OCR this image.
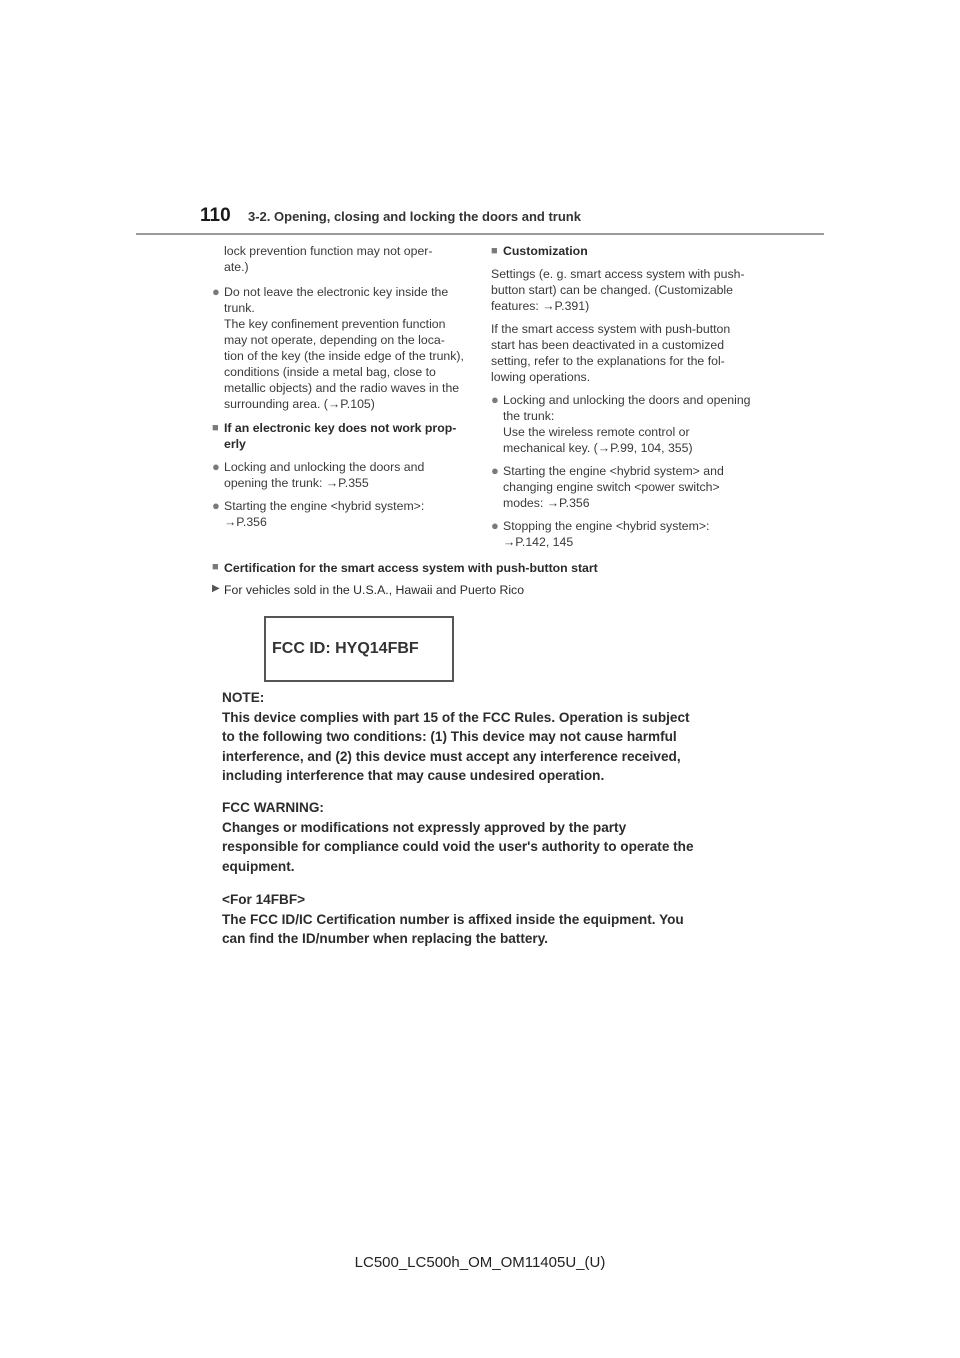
110 3-2. Opening, closing and locking the doors and trunk

lock prevention function may not oper-
ate.)

● Do not leave the electronic key inside the trunk.
The key confinement prevention function may not operate, depending on the loca- tion of the key (the inside edge of the trunk), conditions (inside a metal bag, close to metallic objects) and the radio waves in the surrounding area. (→P.105)
■ If an electronic key does not work prop- erly
● Locking and unlocking the doors and opening the trunk: →P.355
● Starting the engine <hybrid system>: →P.356
■ Customization

Settings (e. g. smart access system with push-button start) can be changed. (Customizable features: →P.391)

If the smart access system with push-button start has been deactivated in a customized setting, refer to the explanations for the fol- lowing operations.

● Locking and unlocking the doors and opening the trunk:
Use the wireless remote control or mechanical key. (→P.99, 104, 355)
● Starting the engine <hybrid system> and changing engine switch <power switch> modes: →P.356
● Stopping the engine <hybrid system>: →P.142, 145
■ Certification for the smart access system with push-button start
▶ For vehicles sold in the U.S.A., Hawaii and Puerto Rico
FCC ID: HYQ14FBF
NOTE:
This device complies with part 15 of the FCC Rules. Operation is subject
to the following two conditions: (1) This device may not cause harmful
interference, and (2) this device must accept any interference received,
including interference that may cause undesired operation.
FCC WARNING:
Changes or modifications not expressly approved by the party
responsible for compliance could void the user's authority to operate the
equipment.
<For 14FBF>
The FCC ID/IC Certification number is affixed inside the equipment. You
can find the ID/number when replacing the battery.
LC500_LC500h_OM_OM11405U_(U)
